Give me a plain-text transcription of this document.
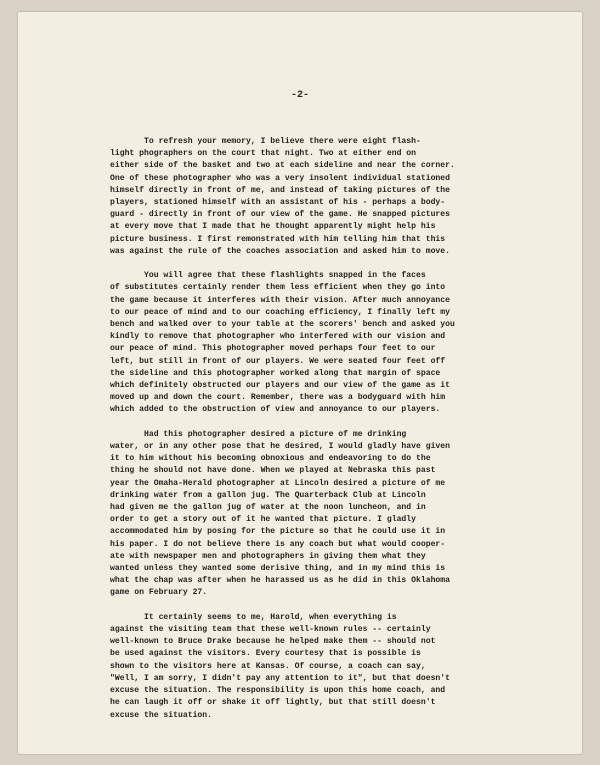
-2-
To refresh your memory, I believe there were eight flash-
light phographers on the court that night. Two at either end on
either side of the basket and two at each sideline and near the corner.
One of these photographer who was a very insolent individual stationed
himself directly in front of me, and instead of taking pictures of the
players, stationed himself with an assistant of his - perhaps a body-
guard - directly in front of our view of the game. He snapped pictures
at every move that I made that he thought apparently might help his
picture business. I first remonstrated with him telling him that this
was against the rule of the coaches association and asked him to move.
You will agree that these flashlights snapped in the faces
of substitutes certainly render them less efficient when they go into
the game because it interferes with their vision. After much annoyance
to our peace of mind and to our coaching efficiency, I finally left my
bench and walked over to your table at the scorers' bench and asked you
kindly to remove that photographer who interfered with our vision and
our peace of mind. This photographer moved perhaps four feet to our
left, but still in front of our players. We were seated four feet off
the sideline and this photographer worked along that margin of space
which definitely obstructed our players and our view of the game as it
moved up and down the court. Remember, there was a bodyguard with him
which added to the obstruction of view and annoyance to our players.
Had this photographer desired a picture of me drinking
water, or in any other pose that he desired, I would gladly have given
it to him without his becoming obnoxious and endeavoring to do the
thing he should not have done. When we played at Nebraska this past
year the Omaha-Herald photographer at Lincoln desired a picture of me
drinking water from a gallon jug. The Quarterback Club at Lincoln
had given me the gallon jug of water at the noon luncheon, and in
order to get a story out of it he wanted that picture. I gladly
accommodated him by posing for the picture so that he could use it in
his paper. I do not believe there is any coach but what would cooper-
ate with newspaper men and photographers in giving them what they
wanted unless they wanted some derisive thing, and in my mind this is
what the chap was after when he harassed us as he did in this Oklahoma
game on February 27.
It certainly seems to me, Harold, when everything is
against the visiting team that these well-known rules -- certainly
well-known to Bruce Drake because he helped make them -- should not
be used against the visitors. Every courtesy that is possible is
shown to the visitors here at Kansas. Of course, a coach can say,
"Well, I am sorry, I didn't pay any attention to it", but that doesn't
excuse the situation. The responsibility is upon this home coach, and
he can laugh it off or shake it off lightly, but that still doesn't
excuse the situation.
